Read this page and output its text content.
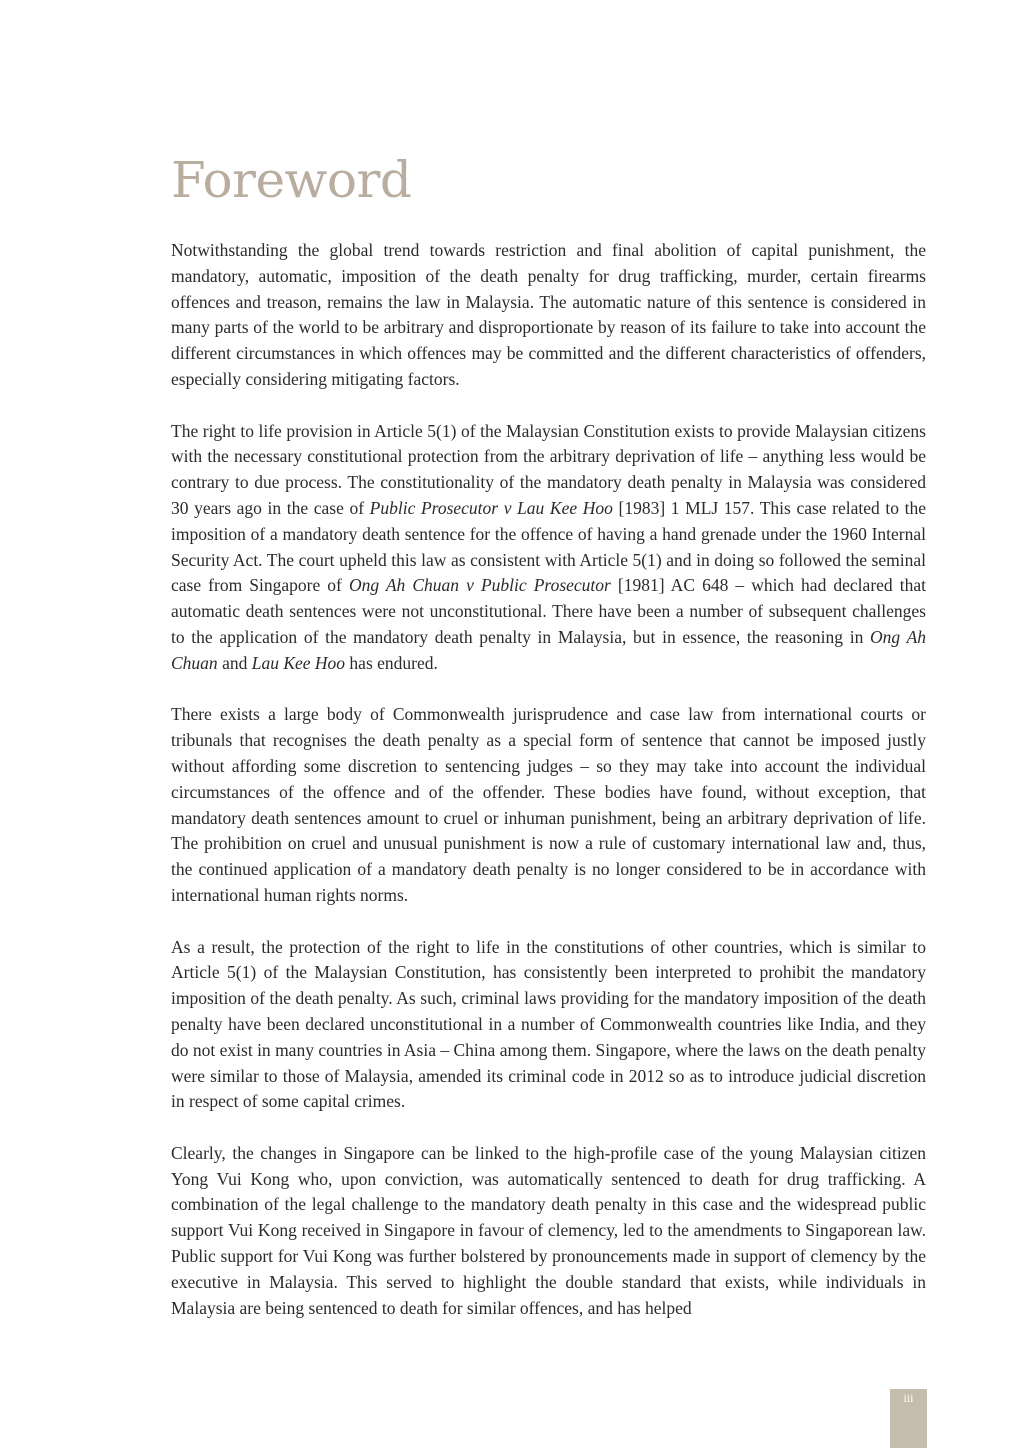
Foreword

Notwithstanding the global trend towards restriction and final abolition of capital punishment, the mandatory, automatic, imposition of the death penalty for drug trafficking, murder, certain firearms offences and treason, remains the law in Malaysia. The automatic nature of this sentence is considered in many parts of the world to be arbitrary and disproportionate by reason of its failure to take into account the different circumstances in which offences may be committed and the different characteristics of offenders, especially considering mitigating factors.

The right to life provision in Article 5(1) of the Malaysian Constitution exists to provide Malaysian citizens with the necessary constitutional protection from the arbitrary deprivation of life – anything less would be contrary to due process. The constitutionality of the mandatory death penalty in Malaysia was considered 30 years ago in the case of Public Prosecutor v Lau Kee Hoo [1983] 1 MLJ 157. This case related to the imposition of a mandatory death sentence for the offence of having a hand grenade under the 1960 Internal Security Act. The court upheld this law as consistent with Article 5(1) and in doing so followed the seminal case from Singapore of Ong Ah Chuan v Public Prosecutor [1981] AC 648 – which had declared that automatic death sentences were not unconstitutional. There have been a number of subsequent challenges to the application of the mandatory death penalty in Malaysia, but in essence, the reasoning in Ong Ah Chuan and Lau Kee Hoo has endured.

There exists a large body of Commonwealth jurisprudence and case law from international courts or tribunals that recognises the death penalty as a special form of sentence that cannot be imposed justly without affording some discretion to sentencing judges – so they may take into account the individual circumstances of the offence and of the offender. These bodies have found, without exception, that mandatory death sentences amount to cruel or inhuman punishment, being an arbitrary deprivation of life. The prohibition on cruel and unusual punishment is now a rule of customary international law and, thus, the continued application of a mandatory death penalty is no longer considered to be in accordance with international human rights norms.

As a result, the protection of the right to life in the constitutions of other countries, which is similar to Article 5(1) of the Malaysian Constitution, has consistently been interpreted to prohibit the mandatory imposition of the death penalty. As such, criminal laws providing for the mandatory imposition of the death penalty have been declared unconstitutional in a number of Commonwealth countries like India, and they do not exist in many countries in Asia – China among them. Singapore, where the laws on the death penalty were similar to those of Malaysia, amended its criminal code in 2012 so as to introduce judicial discretion in respect of some capital crimes.

Clearly, the changes in Singapore can be linked to the high-profile case of the young Malaysian citizen Yong Vui Kong who, upon conviction, was automatically sentenced to death for drug trafficking. A combination of the legal challenge to the mandatory death penalty in this case and the widespread public support Vui Kong received in Singapore in favour of clemency, led to the amendments to Singaporean law. Public support for Vui Kong was further bolstered by pronouncements made in support of clemency by the executive in Malaysia. This served to highlight the double standard that exists, while individuals in Malaysia are being sentenced to death for similar offences, and has helped

iii
